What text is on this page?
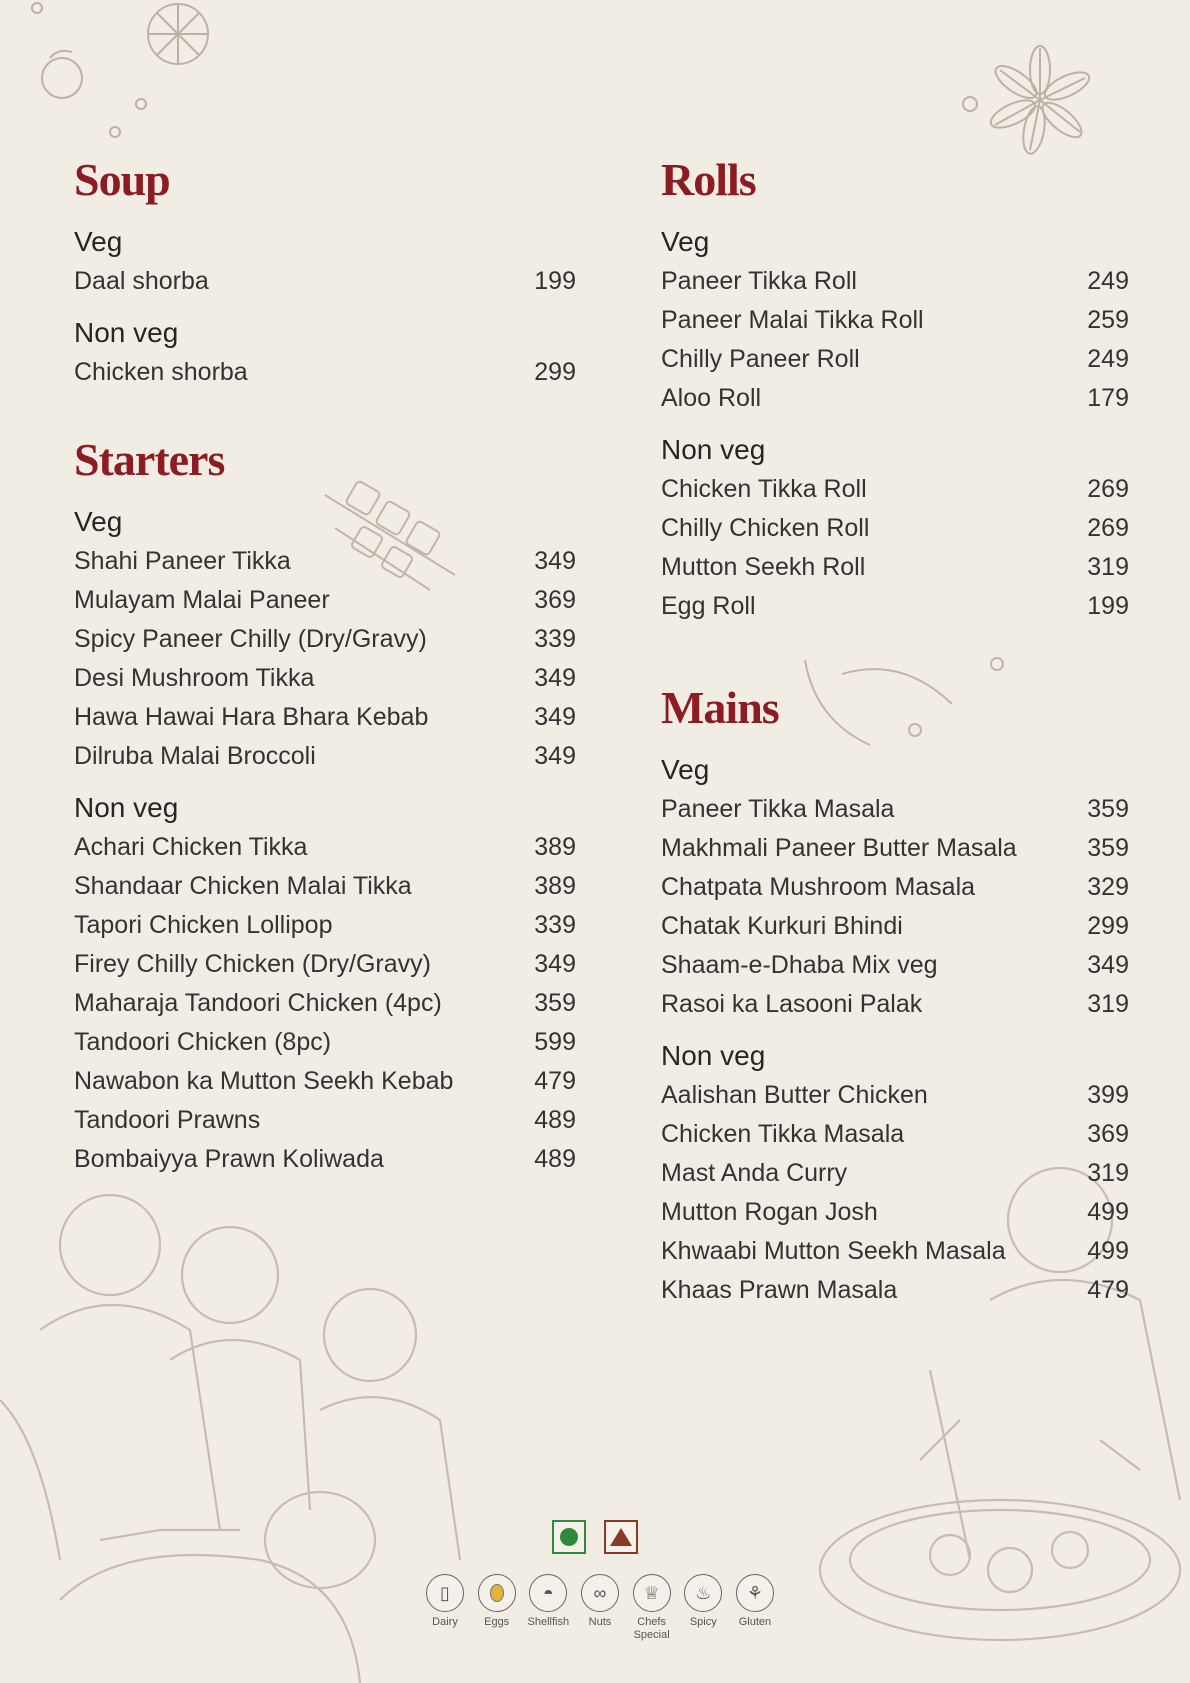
Soup
Veg
Daal shorba	199
Non veg
Chicken shorba	299
Starters
Veg
Shahi Paneer Tikka	349
Mulayam Malai Paneer	369
Spicy Paneer Chilly (Dry/Gravy)	339
Desi Mushroom Tikka	349
Hawa Hawai Hara Bhara Kebab	349
Dilruba Malai Broccoli	349
Non veg
Achari Chicken Tikka	389
Shandaar Chicken Malai Tikka	389
Tapori Chicken Lollipop	339
Firey Chilly Chicken (Dry/Gravy)	349
Maharaja Tandoori Chicken (4pc)	359
Tandoori Chicken (8pc)	599
Nawabon ka Mutton Seekh Kebab	479
Tandoori Prawns	489
Bombaiyya Prawn Koliwada	489
Rolls
Veg
Paneer Tikka Roll	249
Paneer Malai Tikka Roll	259
Chilly Paneer Roll	249
Aloo Roll	179
Non veg
Chicken Tikka Roll	269
Chilly Chicken Roll	269
Mutton Seekh Roll	319
Egg Roll	199
Mains
Veg
Paneer Tikka Masala	359
Makhmali Paneer Butter Masala	359
Chatpata Mushroom Masala	329
Chatak Kurkuri Bhindi	299
Shaam-e-Dhaba Mix veg	349
Rasoi ka Lasooni Palak	319
Non veg
Aalishan Butter Chicken	399
Chicken Tikka Masala	369
Mast Anda Curry	319
Mutton Rogan Josh	499
Khwaabi Mutton Seekh Masala	499
Khaas Prawn Masala	479
▯
Dairy Eggs
◓
Shellfish
∞
Nuts
♕
Chefs Special
♨
Spicy
⚘
Gluten
